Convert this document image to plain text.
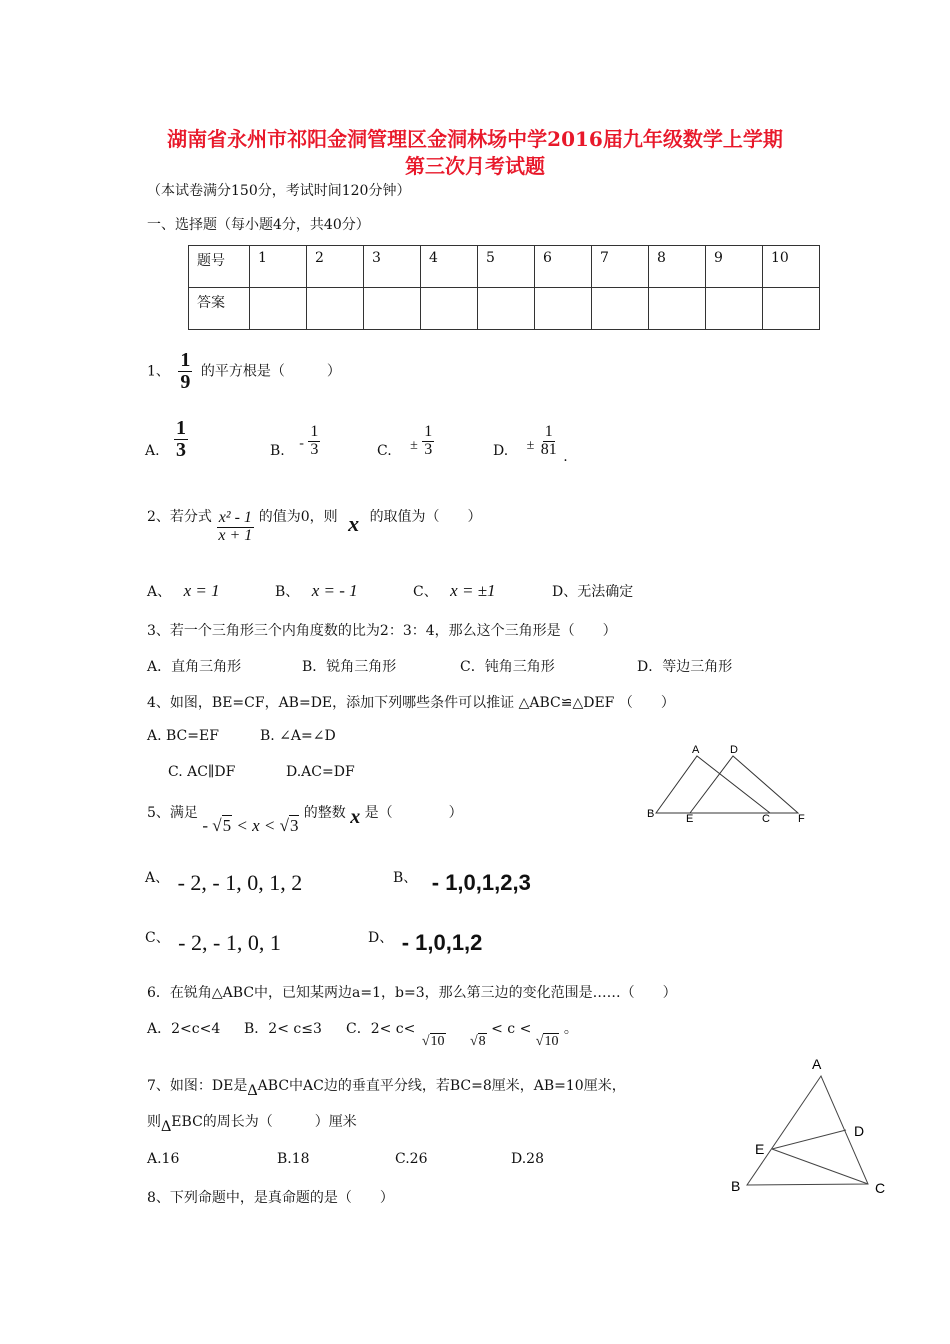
湖南省永州市祁阳金洞管理区金洞林场中学2016届九年级数学上学期
第三次月考试题
（本试卷满分150分，考试时间120分钟）
一、选择题（每小题4分，共40分）
题号	1	2	3	4	5	6	7	8	9	10
答案										
1、 $\frac{1}{9}$ 的平方根是（　　　）
A. $\frac{1}{3}$	B. - $\frac{1}{3}$	C. ± $\frac{1}{3}$	D. ± $\frac{1}{81}$ .
2、若分式 $\frac{\text{x² - 1}}{x + 1}$ 的值为0，则 x 的取值为（　　）
A、 x = 1	B、 x = - 1	C、 x = ±1	D、无法确定
3、若一个三角形三个内角度数的比为2：3：4，那么这个三角形是（　　）
A．直角三角形	B．锐角三角形	C．钝角三角形	D．等边三角形
4、如图，BE=CF，AB=DE，添加下列哪些条件可以推证 △ABC≌△DEF （　　）
A. BC=EF	B. ∠A=∠D
C. AC∥DF	D.AC=DF
A	D
B	E	C	F
5、满足 - √5 < x < √3 的整数 x 是（　　　　）
A、 - 2, - 1, 0, 1, 2	B、 - 1,0,1,2,3
C、 - 2, - 1, 0, 1	D、 - 1,0,1,2
6．在锐角△ABC中，已知某两边a=1，b=3，那么第三边的变化范围是……（　　）
A．2<c<4 B．2< c≤3 C．2< c< √10 √8 < c < √10 。
7、如图：DE是ΔABC中AC边的垂直平分线，若BC=8厘米，AB=10厘米，
则ΔEBC的周长为（　　　）厘米
A.16	B.18	C.26	D.28
A
D
E
B	C
8、下列命题中，是真命题的是（　　）
